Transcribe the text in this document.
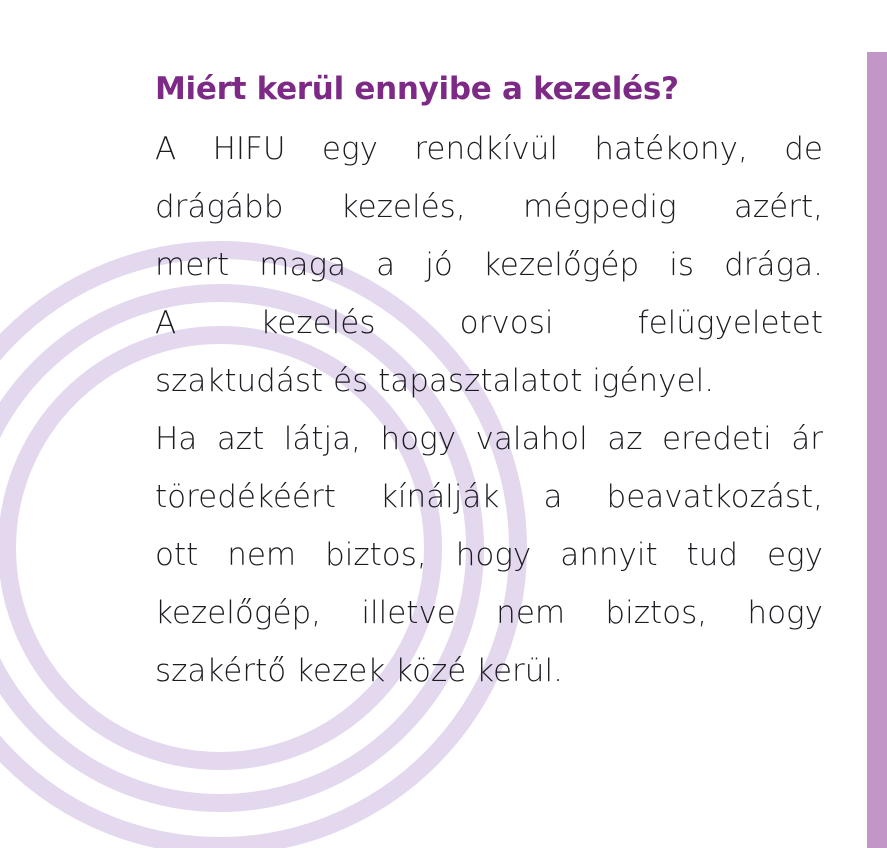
Miért kerül ennyibe a kezelés?

A HIFU egy rendkívül hatékony, de
drágább kezelés, mégpedig azért,
mert maga a jó kezelőgép is drága.
A kezelés orvosi felügyeletet
szaktudást és tapasztalatot igényel.

Ha azt látja, hogy valahol az eredeti ár
töredékéért kínálják a beavatkozást,
ott nem biztos, hogy annyit tud egy
kezelőgép, illetve nem biztos, hogy
szakértő kezek közé kerül.
